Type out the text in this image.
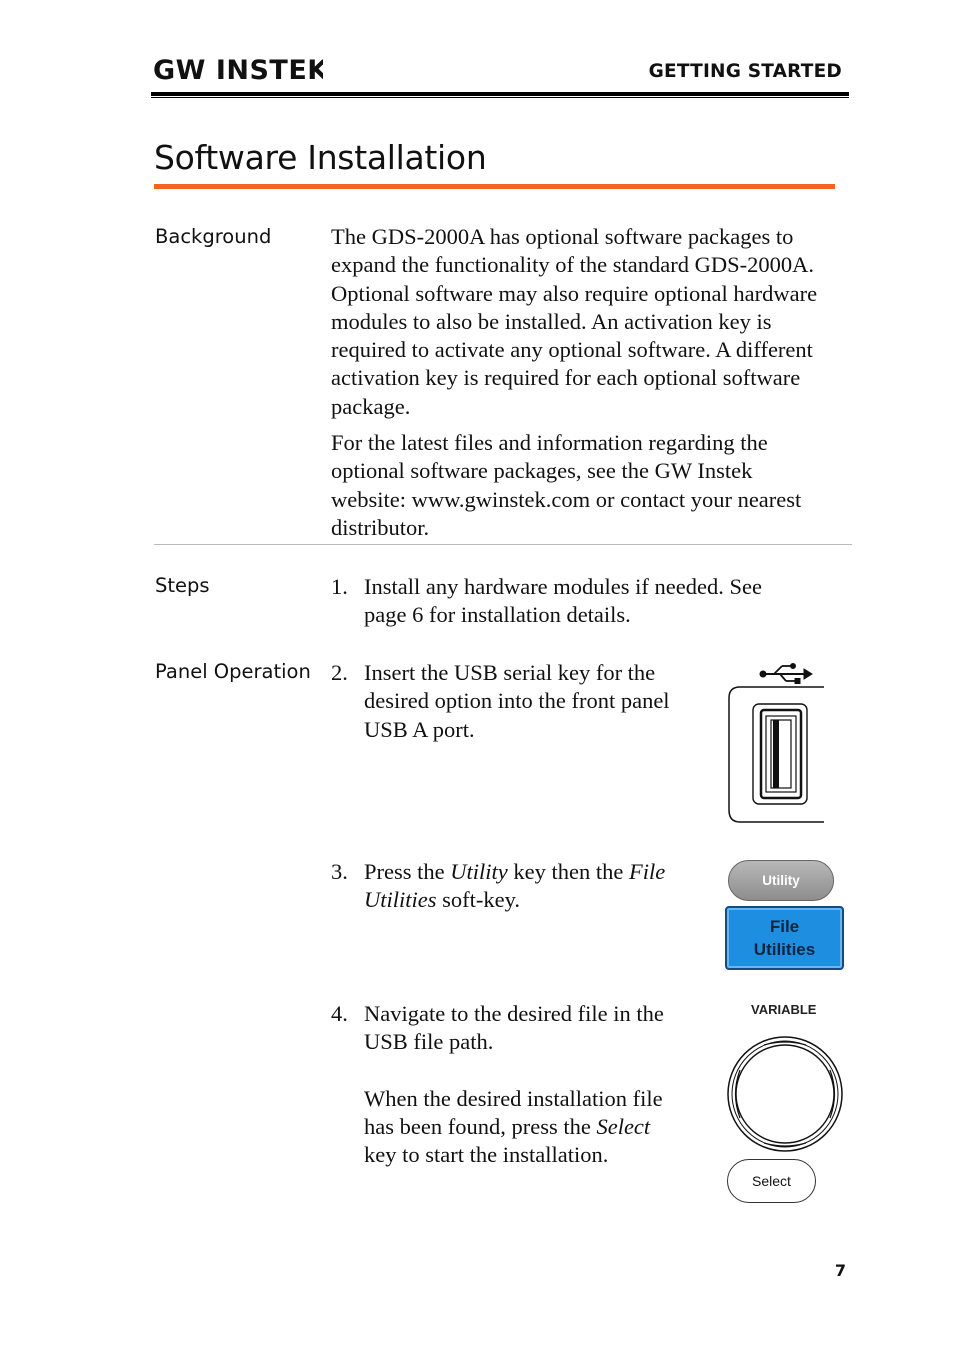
GW INSTEK	GETTING STARTED
Software Installation
Background	The GDS-2000A has optional software packages to expand the functionality of the standard GDS-2000A. Optional software may also require optional hardware modules to also be installed. An activation key is required to activate any optional software. A different activation key is required for each optional software package.

For the latest files and information regarding the optional software packages, see the GW Instek website: www.gwinstek.com or contact your nearest distributor.

Steps	1. Install any hardware modules if needed. See
page 6 for installation details.
Panel Operation 2. Insert the USB serial key for the
desired option into the front panel
USB A port.
3. Press the Utility key then the File
Utilities soft-key.
Utility
File
Utilities
4. Navigate to the desired file in the
USB file path.
When the desired installation file
has been found, press the Select
key to start the installation.
VARIABLE
Select
7
